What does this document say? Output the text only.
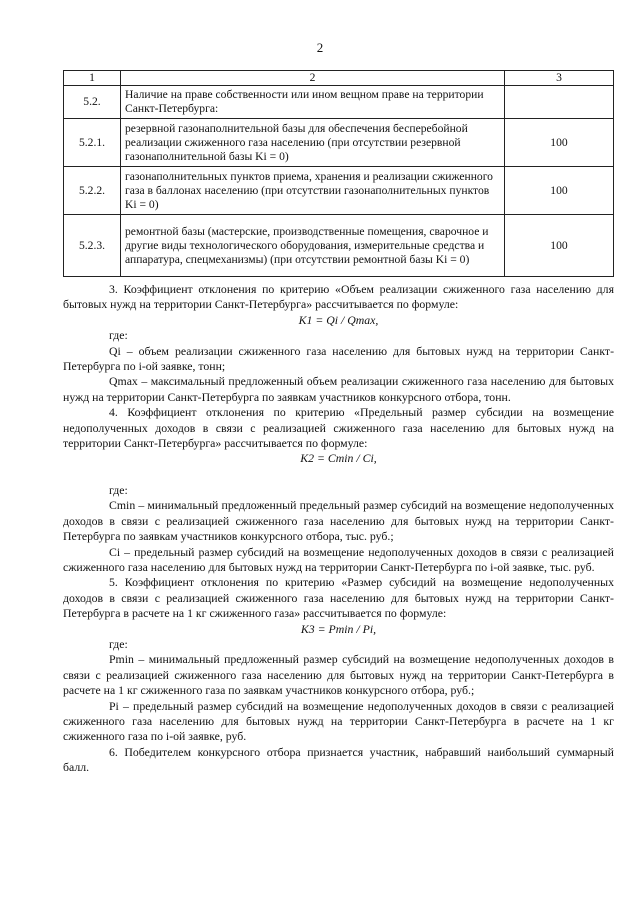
2
1	2	3
5.2.	Наличие на праве собственности или ином вещном праве на территории Санкт-Петербурга:	
5.2.1.	резервной газонаполнительной базы для обеспечения бесперебойной реализации сжиженного газа населению (при отсутствии резервной газонаполнительной базы Ki = 0)	100
5.2.2.	газонаполнительных пунктов приема, хранения и реализации сжиженного газа в баллонах населению (при отсутствии газонаполнительных пунктов Ki = 0)	100
5.2.3.	ремонтной базы (мастерские, производственные помещения, сварочное и другие виды технологического оборудования, измерительные средства и аппаратура, спецмеханизмы) (при отсутствии ремонтной базы Ki = 0)	100

3. Коэффициент отклонения по критерию «Объем реализации сжиженного газа населению для бытовых нужд на территории Санкт-Петербурга» рассчитывается по формуле:

K1 = Qi / Qmax,

где:

Qi – объем реализации сжиженного газа населению для бытовых нужд на территории Санкт-Петербурга по i-ой заявке, тонн;

Qmax – максимальный предложенный объем реализации сжиженного газа населению для бытовых нужд на территории Санкт-Петербурга по заявкам участников конкурсного отбора, тонн.

4. Коэффициент отклонения по критерию «Предельный размер субсидии на возмещение недополученных доходов в связи с реализацией сжиженного газа населению для бытовых нужд на территории Санкт-Петербурга» рассчитывается по формуле:

K2 = Cmin / Ci,

где:

Cmin – минимальный предложенный предельный размер субсидий на возмещение недополученных доходов в связи с реализацией сжиженного газа населению для бытовых нужд на территории Санкт-Петербурга по заявкам участников конкурсного отбора, тыс. руб.;

Ci – предельный размер субсидий на возмещение недополученных доходов в связи с реализацией сжиженного газа населению для бытовых нужд на территории Санкт-Петербурга по i-ой заявке, тыс. руб.

5. Коэффициент отклонения по критерию «Размер субсидий на возмещение недополученных доходов в связи с реализацией сжиженного газа населению для бытовых нужд на территории Санкт-Петербурга в расчете на 1 кг сжиженного газа» рассчитывается по формуле:

K3 = Pmin / Pi,

где:

Pmin – минимальный предложенный размер субсидий на возмещение недополученных доходов в связи с реализацией сжиженного газа населению для бытовых нужд на территории Санкт-Петербурга в расчете на 1 кг сжиженного газа по заявкам участников конкурсного отбора, руб.;

Pi – предельный размер субсидий на возмещение недополученных доходов в связи с реализацией сжиженного газа населению для бытовых нужд на территории Санкт-Петербурга в расчете на 1 кг сжиженного газа по i-ой заявке, руб.

6. Победителем конкурсного отбора признается участник, набравший наибольший суммарный балл.
